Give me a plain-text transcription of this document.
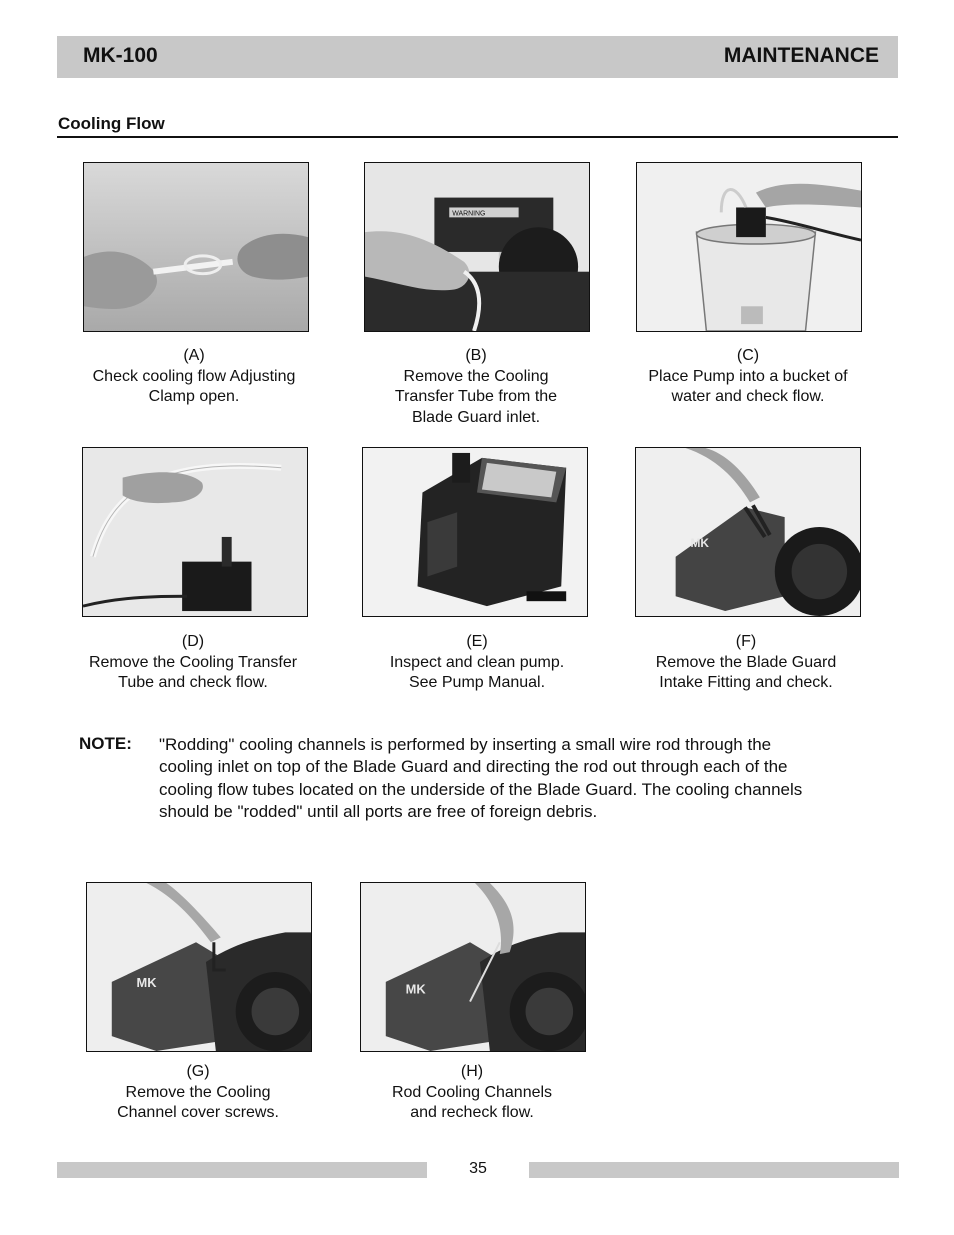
MK-100	MAINTENANCE
Cooling Flow
WARNING
MK
(A)
Check cooling flow Adjusting
Clamp open.
(B)
Remove the Cooling
Transfer Tube from the
Blade Guard inlet.
(C)
Place Pump into a bucket of
water and check flow.
(D)
Remove the Cooling Transfer
Tube and check flow.
(E)
Inspect and clean pump.
See Pump Manual.
(F)
Remove the Blade Guard
Intake Fitting and check.
NOTE: "Rodding" cooling channels is performed by inserting a small wire rod through the
cooling inlet on top of the Blade Guard and directing the rod out through each of the
cooling flow tubes located on the underside of the Blade Guard. The cooling channels
should be "rodded" until all ports are free of foreign debris.
MK	MK
(G)
Remove the Cooling
Channel cover screws.
(H)
Rod Cooling Channels
and recheck flow.
35
